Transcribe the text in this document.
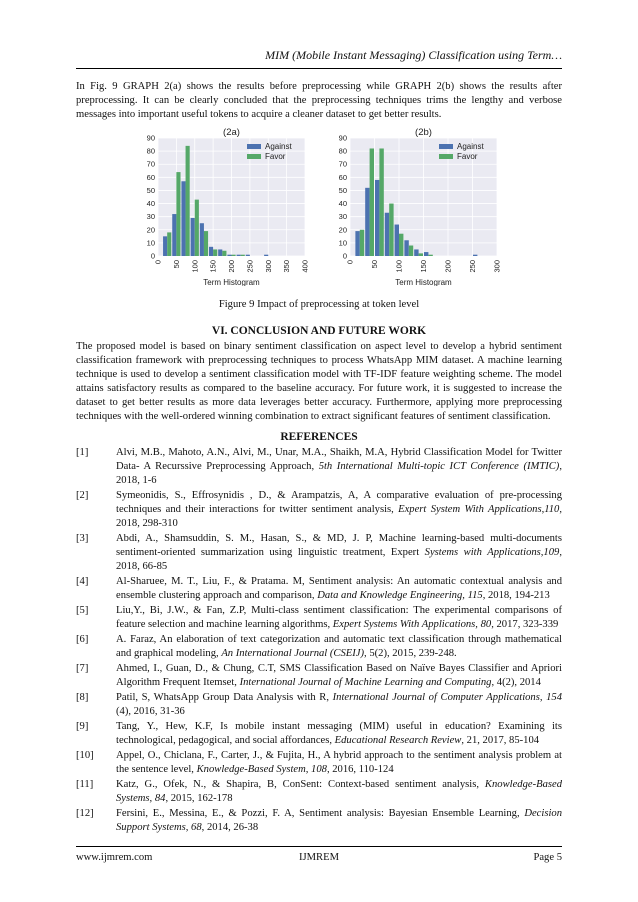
MIM (Mobile Instant Messaging) Classification using Term…

In Fig. 9 GRAPH 2(a) shows the results before preprocessing while GRAPH 2(b) shows the results after preprocessing. It can be clearly concluded that the preprocessing techniques trims the lengthy and verbose messages into important useful tokens to acquire a cleaner dataset to get better results.

0
10
20
30
40
50
60
70
80
90
0 50 100 150 200 250 300 350 400
(2a)
Term Histogram
Against
Favor
0
10
20
30
40
50
60
70
80
90
0 50 100 150 200 250 300
(2b)
Term Histogram
Against
Favor
Figure 9 Impact of preprocessing at token level
VI. CONCLUSION AND FUTURE WORK

The proposed model is based on binary sentiment classification on aspect level to develop a hybrid sentiment classification framework with preprocessing techniques to process WhatsApp MIM dataset. A machine learning technique is used to develop a sentiment classification model with TF-IDF feature weighting scheme. The model attains satisfactory results as compared to the baseline accuracy. For future work, it is suggested to increase the dataset to get better results as more data leverages better accuracy. Furthermore, applying more preprocessing techniques with the well-ordered winning combination to extract significant features of sentiment classification.

REFERENCES
[1]	Alvi, M.B., Mahoto, A.N., Alvi, M., Unar, M.A., Shaikh, M.A, Hybrid Classification Model for Twitter Data- A Recurssive Preprocessing Approach, 5th International Multi-topic ICT Conference (IMTIC), 2018, 1-6
[2]	Symeonidis, S., Effrosynidis , D., & Arampatzis, A, A comparative evaluation of pre-processing techniques and their interactions for twitter sentiment analysis, Expert System With Applications,110, 2018, 298-310
[3]	Abdi, A., Shamsuddin, S. M., Hasan, S., & MD, J. P, Machine learning-based multi-documents sentiment-oriented summarization using linguistic treatment, Expert Systems with Applications,109, 2018, 66-85
[4]	Al-Sharuee, M. T., Liu, F., & Pratama. M, Sentiment analysis: An automatic contextual analysis and ensemble clustering approach and comparison, Data and Knowledge Engineering, 115, 2018, 194-213
[5]	Liu,Y., Bi, J.W., & Fan, Z.P, Multi-class sentiment classification: The experimental comparisons of feature selection and machine learning algorithms, Expert Systems With Applications, 80, 2017, 323-339
[6]	A. Faraz, An elaboration of text categorization and automatic text classification through mathematical and graphical modeling, An International Journal (CSEIJ), 5(2), 2015, 239-248.
[7]	Ahmed, I., Guan, D., & Chung, C.T, SMS Classification Based on Naïve Bayes Classifier and Apriori Algorithm Frequent Itemset, International Journal of Machine Learning and Computing, 4(2), 2014
[8]	Patil, S, WhatsApp Group Data Analysis with R, International Journal of Computer Applications, 154 (4), 2016, 31-36
[9]	Tang, Y., Hew, K.F, Is mobile instant messaging (MIM) useful in education? Examining its technological, pedagogical, and social affordances, Educational Research Review, 21, 2017, 85-104
[10]	Appel, O., Chiclana, F., Carter, J., & Fujita, H., A hybrid approach to the sentiment analysis problem at the sentence level, Knowledge-Based System, 108, 2016, 110-124
[11]	Katz, G., Ofek, N., & Shapira, B, ConSent: Context-based sentiment analysis, Knowledge-Based Systems, 84, 2015, 162-178
[12]	Fersini, E., Messina, E., & Pozzi, F. A, Sentiment analysis: Bayesian Ensemble Learning, Decision Support Systems, 68, 2014, 26-38
www.ijmrem.com	IJMREM	Page 5
